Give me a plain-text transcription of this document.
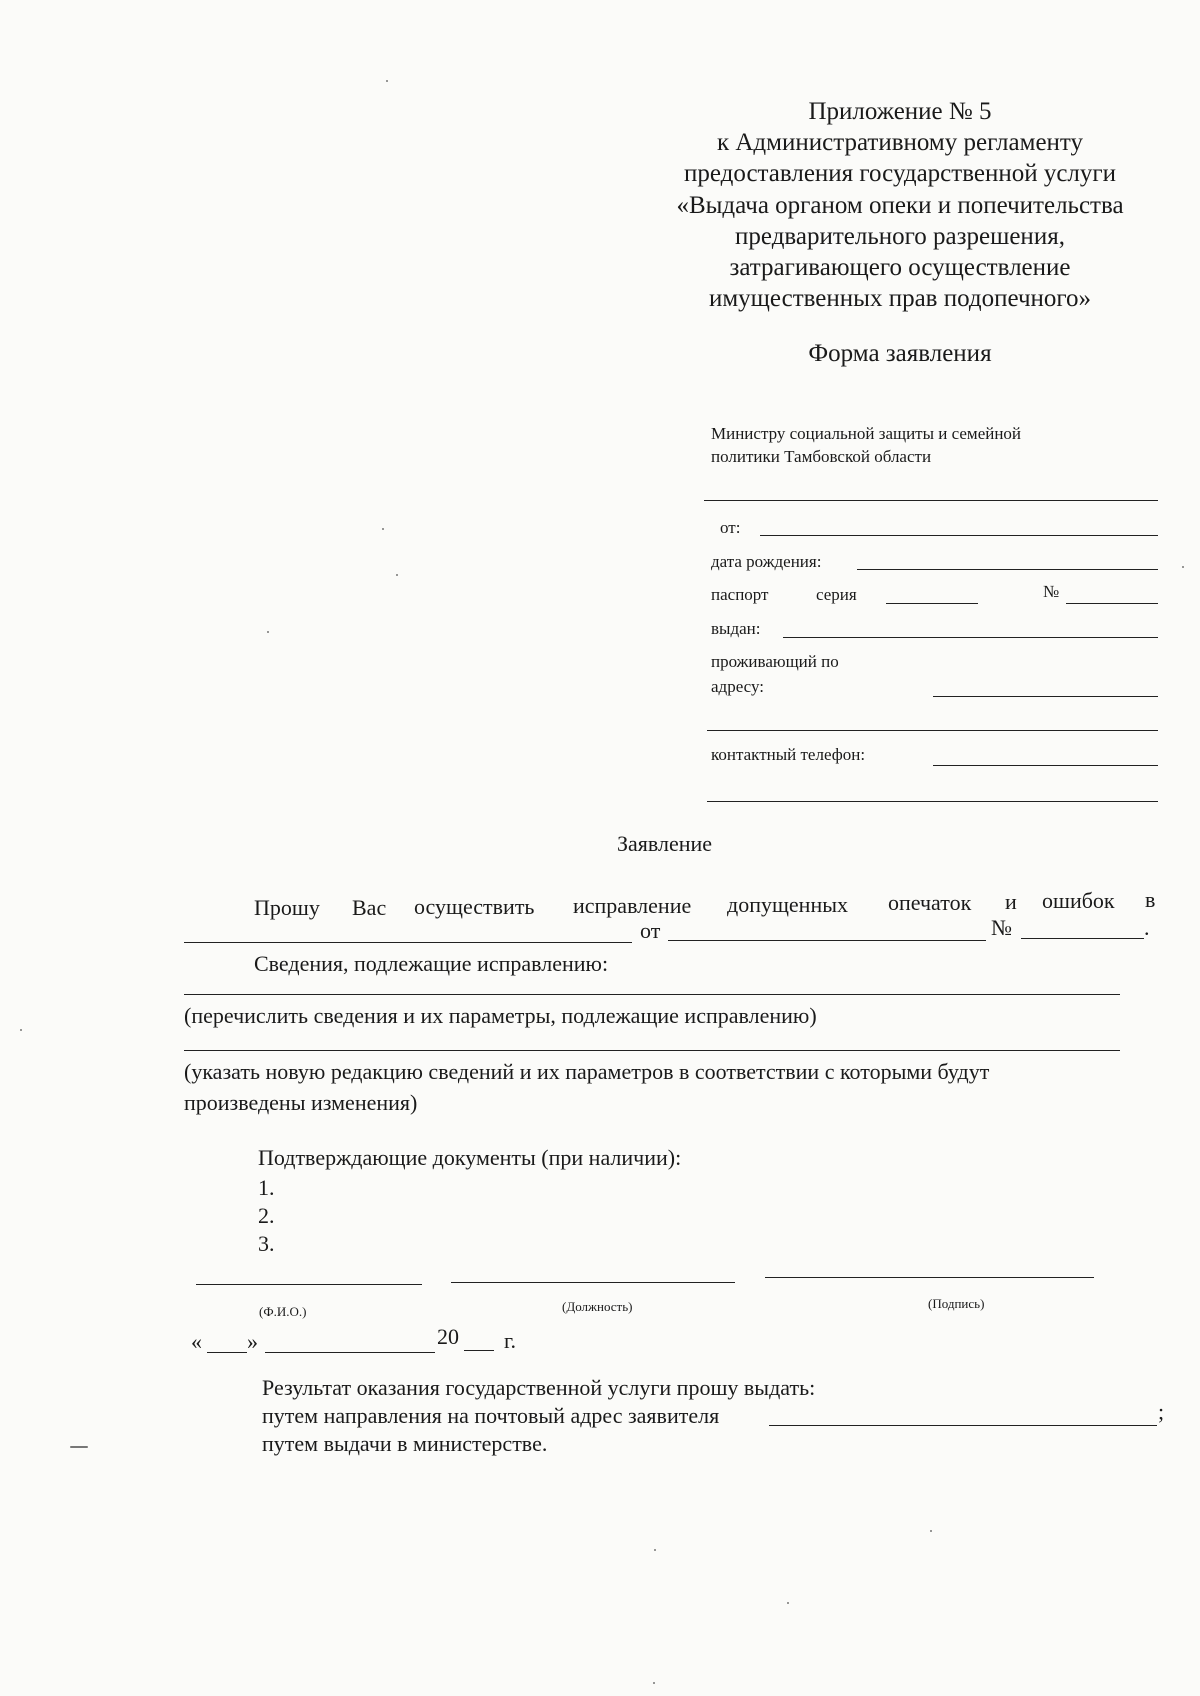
Приложение № 5
к Административному регламенту
предоставления государственной услуги
«Выдача органом опеки и попечительства
предварительного разрешения,
затрагивающего осуществление
имущественных прав подопечного»
Форма заявления
Министру социальной защиты и семейной
политики Тамбовской области
от:
дата рождения:
паспорт	серия	№
выдан:
проживающий по
адресу:
контактный телефон:
Заявление
Прошу Вас осуществить исправление допущенных опечаток и ошибок в
от	№	.
Сведения, подлежащие исправлению:
(перечислить сведения и их параметры, подлежащие исправлению)
(указать новую редакцию сведений и их параметров в соответствии с которыми будут
произведены изменения)
Подтверждающие документы (при наличии):
1.
2.
3.
(Ф.И.О.)	(Должность)	(Подпись)
« »	20 г.
Результат оказания государственной услуги прошу выдать:
путем направления на почтовый адрес заявителя	;
путем выдачи в министерстве.
